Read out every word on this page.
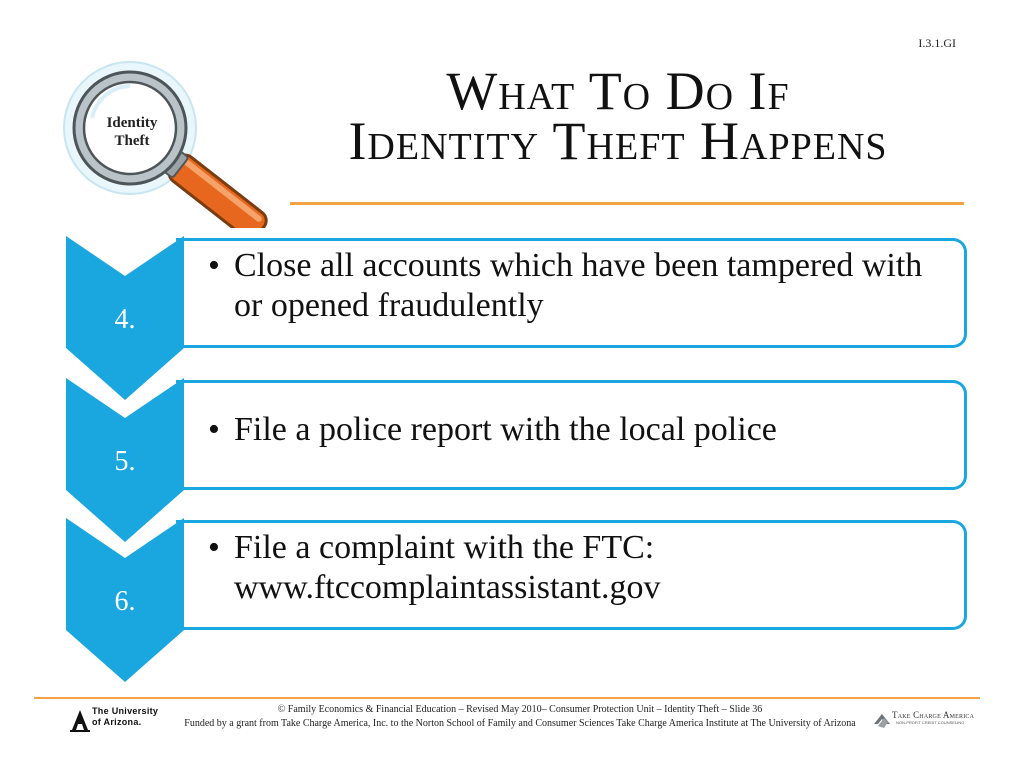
I.3.1.GI
Identity
Theft
What To Do If
Identity Theft Happens
4.
• Close all accounts which have been tampered with or opened fraudulently
5.
• File a police report with the local police
6.
• File a complaint with the FTC: www.ftccomplaintassistant.gov
The University
of Arizona.
© Family Economics & Financial Education – Revised May 2010– Consumer Protection Unit – Identity Theft – Slide 36
Funded by a grant from Take Charge America, Inc. to the Norton School of Family and Consumer Sciences Take Charge America Institute at The University of Arizona
Take Charge America
NON-PROFIT CREDIT COUNSELING
